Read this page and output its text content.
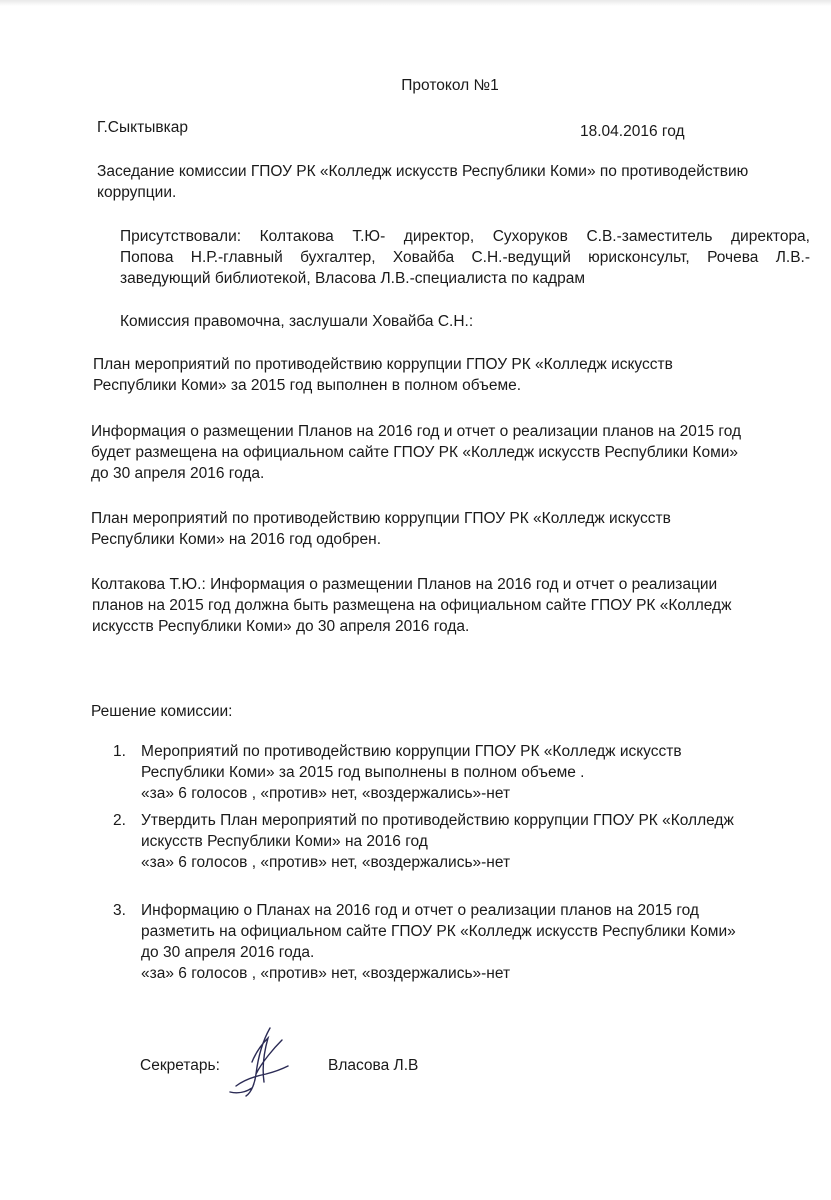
Протокол №1
Г.Сыктывкар	18.04.2016 год
Заседание комиссии ГПОУ РК «Колледж искусств Республики Коми» по противодействию
коррупции.
Присутствовали: Колтакова Т.Ю- директор, Сухоруков С.В.-заместитель директора,
Попова Н.Р.-главный бухгалтер, Ховайба С.Н.-ведущий юрисконсульт, Рочева Л.В.-
заведующий библиотекой, Власова Л.В.-специалиста по кадрам
Комиссия правомочна, заслушали Ховайба С.Н.:
План мероприятий по противодействию коррупции ГПОУ РК «Колледж искусств
Республики Коми» за 2015 год выполнен в полном объеме.
Информация о размещении Планов на 2016 год и отчет о реализации планов на 2015 год
будет размещена на официальном сайте ГПОУ РК «Колледж искусств Республики Коми»
до 30 апреля 2016 года.
План мероприятий по противодействию коррупции ГПОУ РК «Колледж искусств
Республики Коми» на 2016 год одобрен.
Колтакова Т.Ю.: Информация о размещении Планов на 2016 год и отчет о реализации
планов на 2015 год должна быть размещена на официальном сайте ГПОУ РК «Колледж
искусств Республики Коми» до 30 апреля 2016 года.
Решение комиссии:
1. Мероприятий по противодействию коррупции ГПОУ РК «Колледж искусств
Республики Коми» за 2015 год выполнены в полном объеме .
«за» 6 голосов , «против» нет, «воздержались»-нет
2. Утвердить План мероприятий по противодействию коррупции ГПОУ РК «Колледж
искусств Республики Коми» на 2016 год
«за» 6 голосов , «против» нет, «воздержались»-нет
3. Информацию о Планах на 2016 год и отчет о реализации планов на 2015 год
разметить на официальном сайте ГПОУ РК «Колледж искусств Республики Коми»
до 30 апреля 2016 года.
«за» 6 голосов , «против» нет, «воздержались»-нет
Секретарь:	Власова Л.В
